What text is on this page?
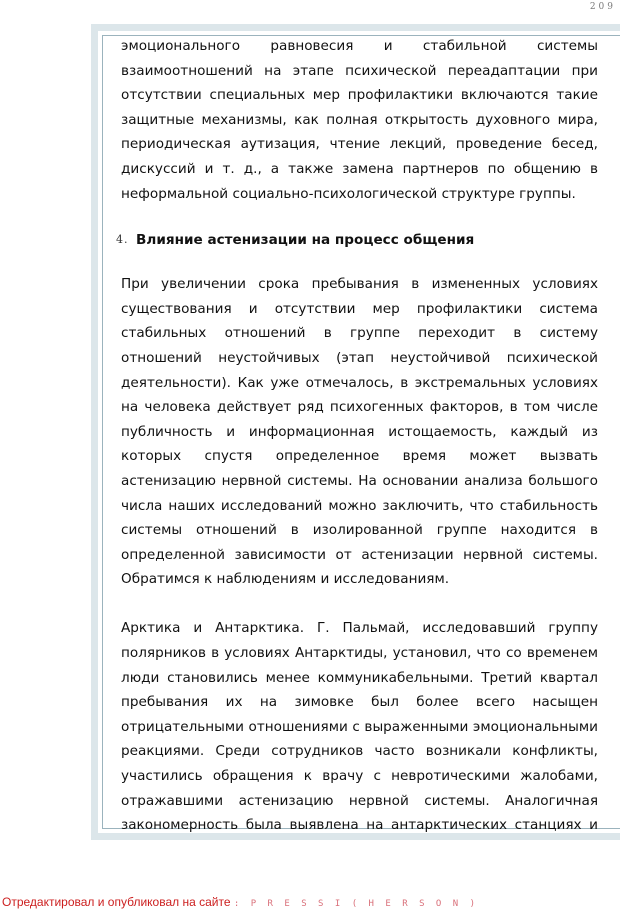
209

эмоционального равновесия и стабильной системы взаимоотношений на этапе психической переадаптации при отсутствии специальных мер профилактики включаются такие защитные механизмы, как полная открытость духовного мира, периодическая аутизация, чтение лекций, проведение бесед, дискуссий и т. д., а также замена партнеров по общению в неформальной социально-психологической структуре группы.

4. Влияние астенизации на процесс общения

При увеличении срока пребывания в измененных условиях существования и отсутствии мер профилактики система стабильных отношений в группе переходит в систему отношений неустойчивых (этап неустойчивой психической деятельности). Как уже отмечалось, в экстремальных условиях на человека действует ряд психогенных факторов, в том числе публичность и информационная истощаемость, каждый из которых спустя определенное время может вызвать астенизацию нервной системы. На основании анализа большого числа наших исследований можно заключить, что стабильность системы отношений в изолированной группе находится в определенной зависимости от астенизации нервной системы. Обратимся к наблюдениям и исследованиям.

Арктика и Антарктика. Г. Пальмай, исследовавший группу полярников в условиях Антарктиды, установил, что со временем люди становились менее коммуникабельными. Третий квартал пребывания их на зимовке был более всего насыщен отрицательными отношениями с выраженными эмоциональными реакциями. Среди сотрудников часто возникали конфликты, участились обращения к врачу с невротическими жалобами, отражавшими астенизацию нервной системы. Аналогичная закономерность была выявлена на антарктических станциях и

Отредактировал и опубликовал на сайте : P R E S S I ( H E R S O N )
